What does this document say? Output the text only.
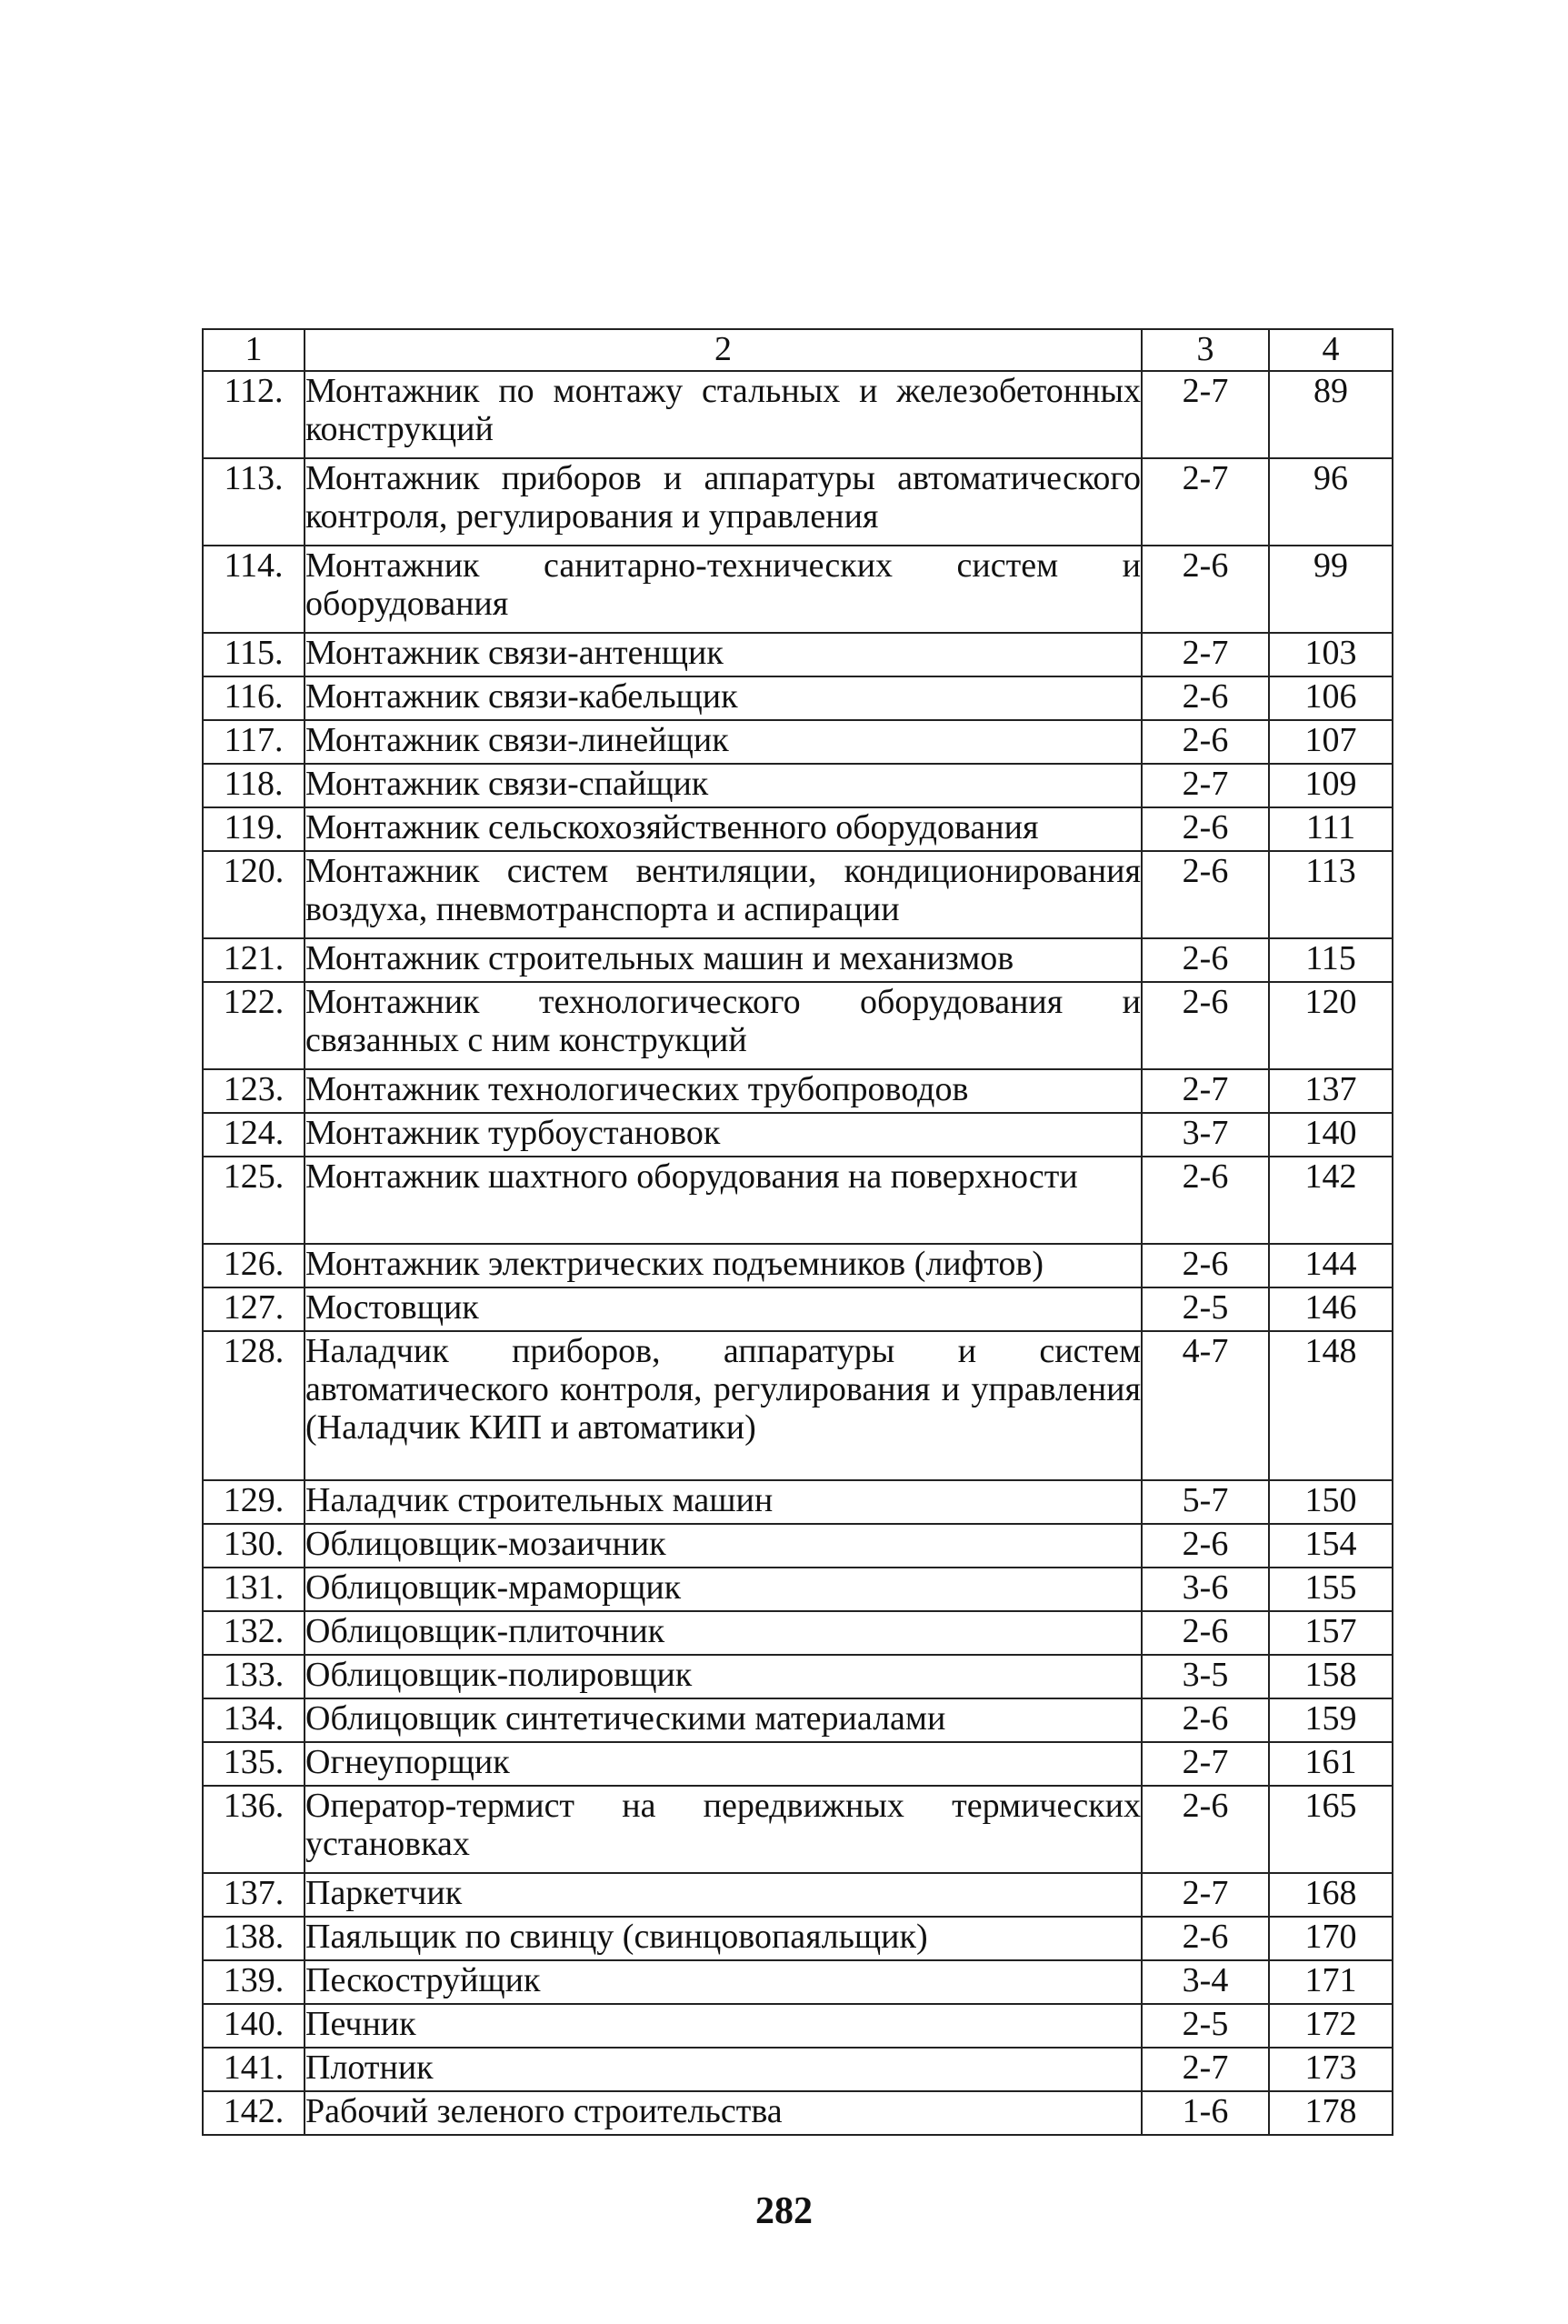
1	2	3	4
112.	Монтажник по монтажу стальных и железобетонных конструкций	2-7	89
113.	Монтажник приборов и аппаратуры автоматического контроля, регулирования и управления	2-7	96
114.	Монтажник санитарно-технических систем и оборудования	2-6	99
115.	Монтажник связи-антенщик	2-7	103
116.	Монтажник связи-кабельщик	2-6	106
117.	Монтажник связи-линейщик	2-6	107
118.	Монтажник связи-спайщик	2-7	109
119.	Монтажник сельскохозяйственного оборудования	2-6	111
120.	Монтажник систем вентиляции, кондиционирования воздуха, пневмотранспорта и аспирации	2-6	113
121.	Монтажник строительных машин и механизмов	2-6	115
122.	Монтажник технологического оборудования и связанных с ним конструкций	2-6	120
123.	Монтажник технологических трубопроводов	2-7	137
124.	Монтажник турбоустановок	3-7	140
125.	Монтажник шахтного оборудования на поверхности	2-6	142
126.	Монтажник электрических подъемников (лифтов)	2-6	144
127.	Мостовщик	2-5	146
128.	Наладчик приборов, аппаратуры и систем автоматического контроля, регулирования и управления (Наладчик КИП и автоматики)	4-7	148
129.	Наладчик строительных машин	5-7	150
130.	Облицовщик-мозаичник	2-6	154
131.	Облицовщик-мраморщик	3-6	155
132.	Облицовщик-плиточник	2-6	157
133.	Облицовщик-полировщик	3-5	158
134.	Облицовщик синтетическими материалами	2-6	159
135.	Огнеупорщик	2-7	161
136.	Оператор-термист на передвижных термических установках	2-6	165
137.	Паркетчик	2-7	168
138.	Паяльщик по свинцу (свинцовопаяльщик)	2-6	170
139.	Пескоструйщик	3-4	171
140.	Печник	2-5	172
141.	Плотник	2-7	173
142.	Рабочий зеленого строительства	1-6	178
282
